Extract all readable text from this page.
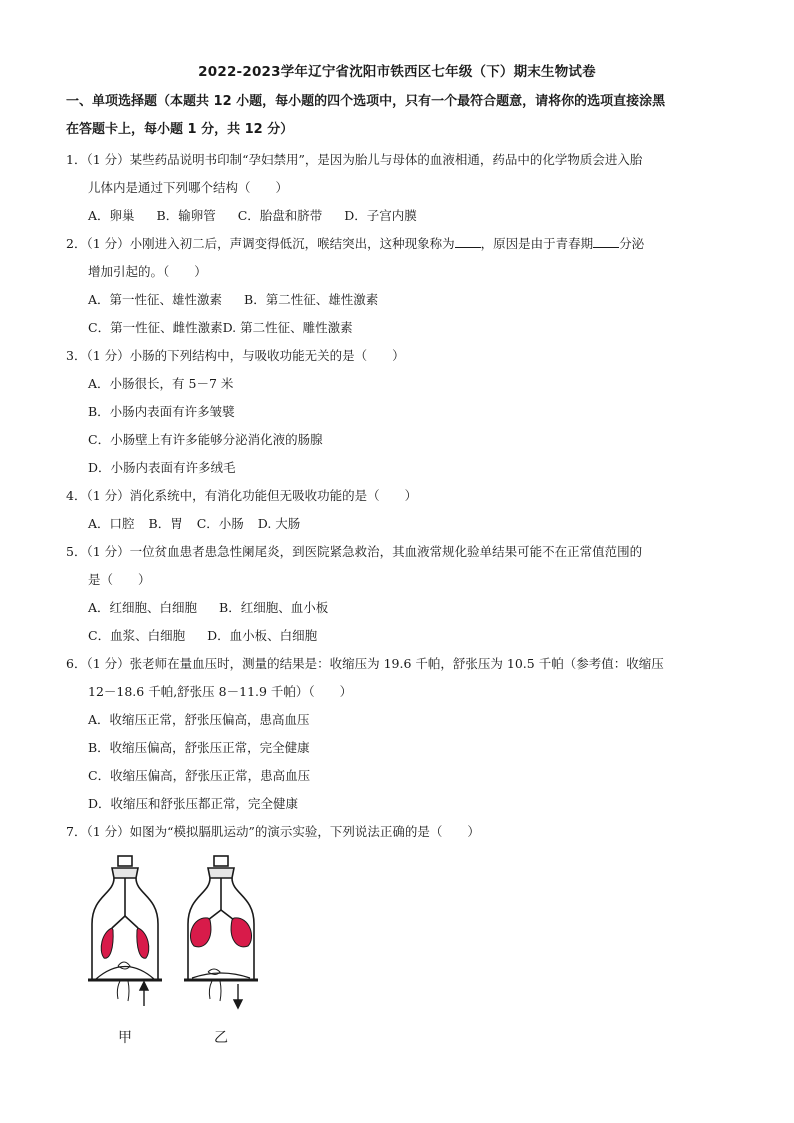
2022-2023学年辽宁省沈阳市铁西区七年级（下）期末生物试卷
一、单项选择题（本题共 12 小题，每小题的四个选项中，只有一个最符合题意，请将你的选项直接涂黑
在答题卡上，每小题 1 分，共 12 分）
1．（1 分）某些药品说明书印制“孕妇禁用”，是因为胎儿与母体的血液相通，药品中的化学物质会进入胎
儿体内是通过下列哪个结构（　　）
A．卵巢 B．输卵管 C．胎盘和脐带 D．子宫内膜
2．（1 分）小刚进入初二后，声调变得低沉，喉结突出，这种现象称为 ，原因是由于青春期 分泌
增加引起的。（　　）
A．第一性征、雄性激素 B．第二性征、雄性激素
C．第一性征、雌性激素D. 第二性征、雕性激素
3．（1 分）小肠的下列结构中，与吸收功能无关的是（　　）
A．小肠很长，有 5－7 米
B．小肠内表面有许多皱襞
C．小肠壁上有许多能够分泌消化液的肠腺
D．小肠内表面有许多绒毛
4．（1 分）消化系统中，有消化功能但无吸收功能的是（　　）
A．口腔 B．胃 C．小肠 D. 大肠
5．（1 分）一位贫血患者患急性阑尾炎，到医院紧急救治，其血液常规化验单结果可能不在正常值范围的
是（　　）
A．红细胞、白细胞 B．红细胞、血小板
C．血浆、白细胞 D．血小板、白细胞
6．（1 分）张老师在量血压时，测量的结果是：收缩压为 19.6 千帕，舒张压为 10.5 千帕（参考值：收缩压
12－18.6 千帕,舒张压 8－11.9 千帕）（　　）
A．收缩压正常，舒张压偏高，患高血压
B．收缩压偏高，舒张压正常，完全健康
C．收缩压偏高，舒张压正常，患高血压
D．收缩压和舒张压都正常，完全健康
7．（1 分）如图为“模拟膈肌运动”的演示实验，下列说法正确的是（　　）
甲	乙
